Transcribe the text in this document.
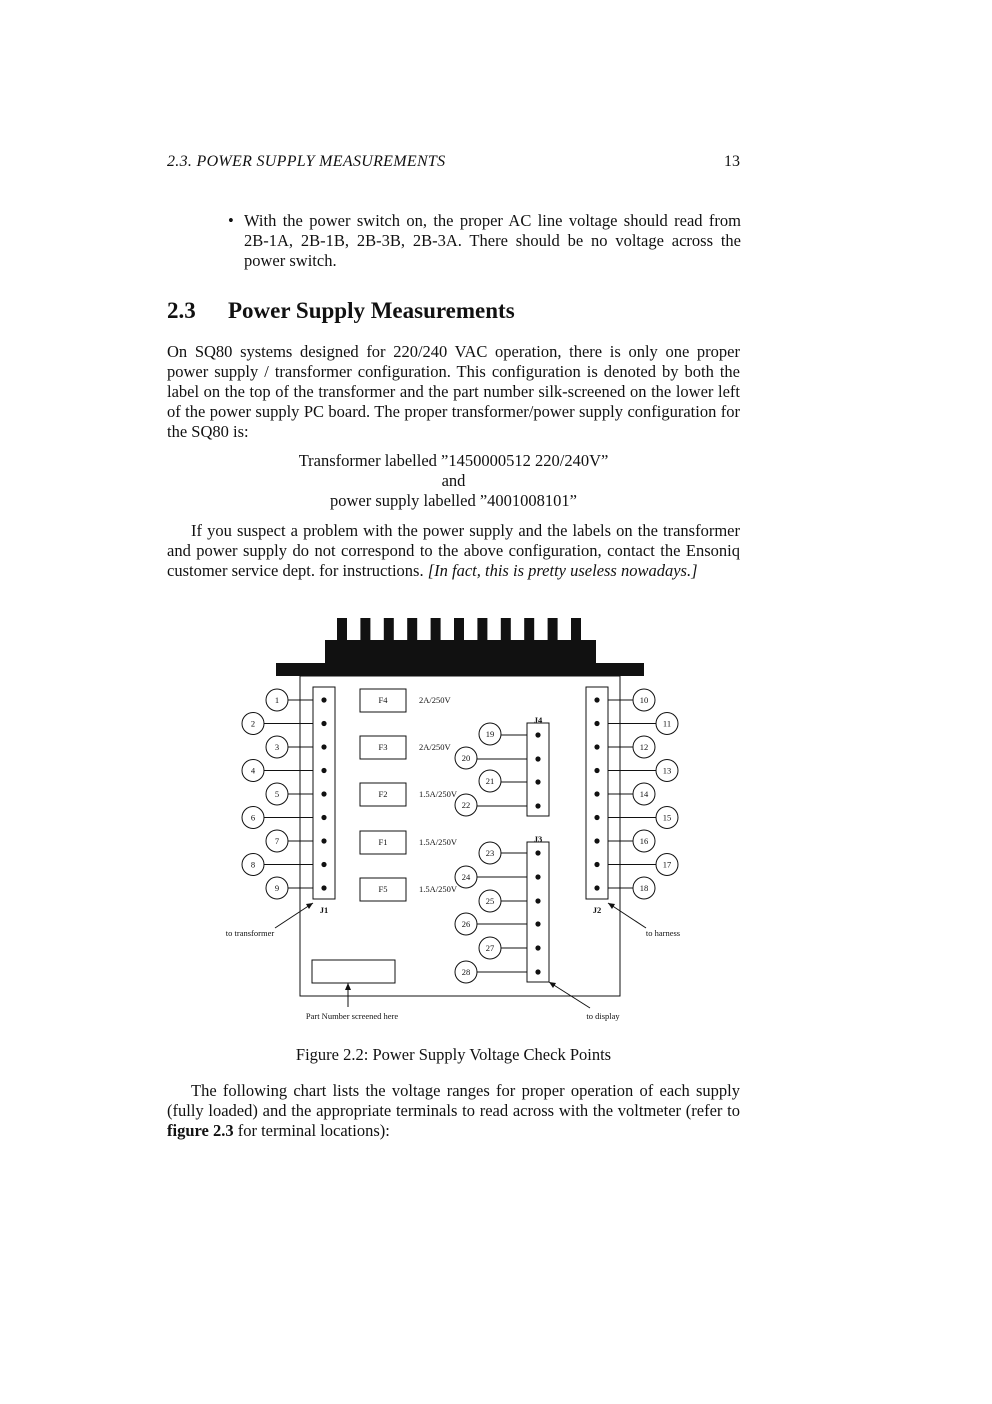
2.3. POWER SUPPLY MEASUREMENTS	13
• With the power switch on, the proper AC line voltage should read from 2B-1A, 2B-1B, 2B-3B, 2B-3A. There should be no voltage across the power switch.
2.3 Power Supply Measurements
On SQ80 systems designed for 220/240 VAC operation, there is only one proper power supply / transformer configuration. This configuration is denoted by both the label on the top of the transformer and the part number silk-screened on the lower left of the power supply PC board. The proper transformer/power supply configuration for the SQ80 is:
Transformer labelled ”1450000512 220/240V”
and
power supply labelled ”4001008101”
If you suspect a problem with the power supply and the labels on the transformer and power supply do not correspond to the above configuration, contact the Ensoniq customer service dept. for instructions. [In fact, this is pretty useless nowadays.]
J1	J2
1
2
3
4
5
6
7
8
9
10
11
12
13
14
15
16
17
18
F4	2A/250V
F3	2A/250V
F2	1.5A/250V
F1	1.5A/250V
F5	1.5A/250V
J4
19
20
21
22
J3
23
24
25
26
27
28
to transformer	to harness
Part Number screened here	to display
Figure 2.2: Power Supply Voltage Check Points
The following chart lists the voltage ranges for proper operation of each supply (fully loaded) and the appropriate terminals to read across with the voltmeter (refer to figure 2.3 for terminal locations):
